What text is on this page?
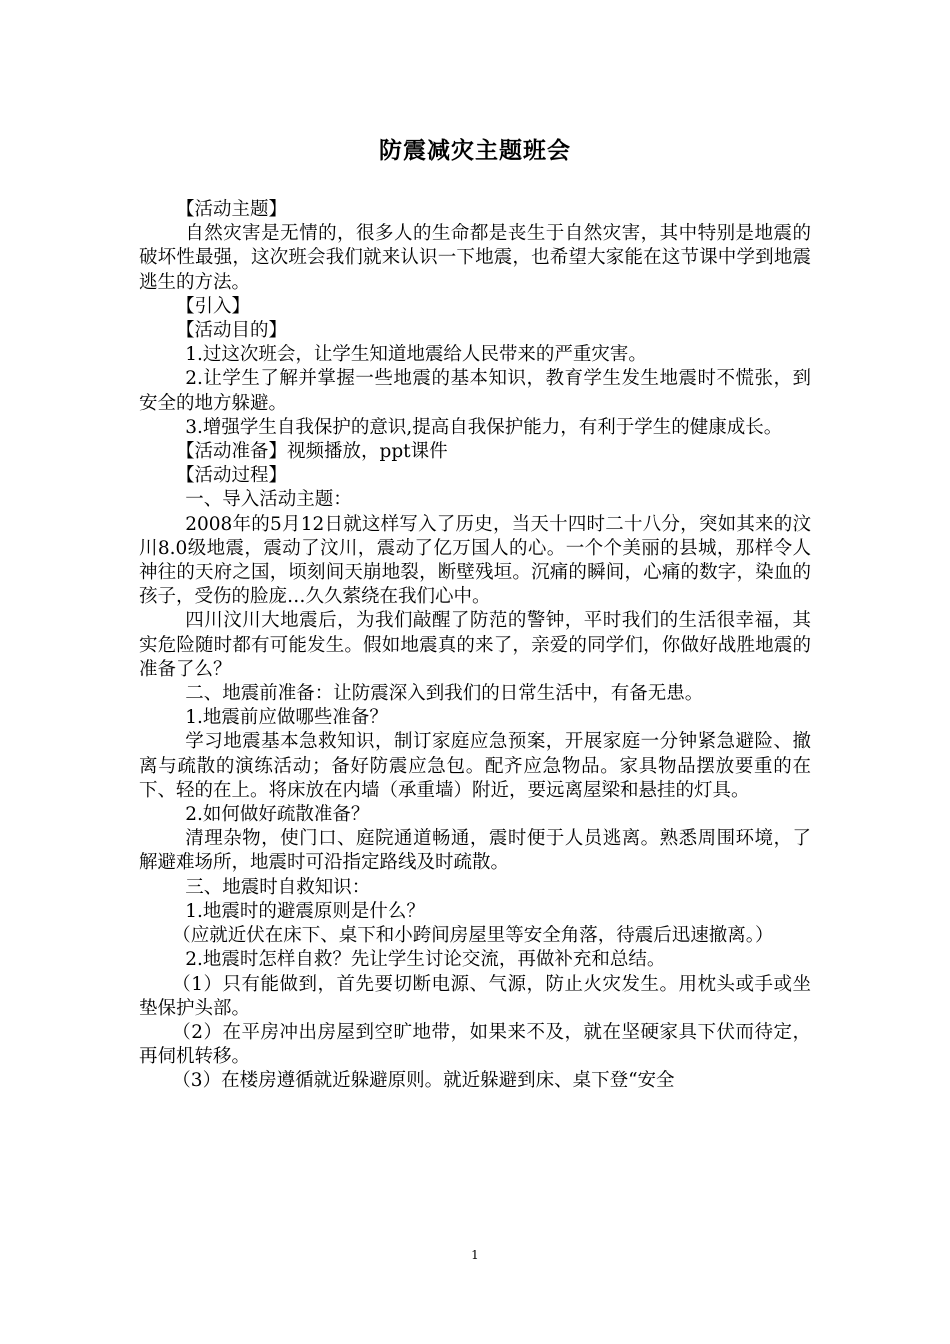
防震减灾主题班会

【活动主题】

自然灾害是无情的，很多人的生命都是丧生于自然灾害，其中特别是地震的破坏性最强，这次班会我们就来认识一下地震，也希望大家能在这节课中学到地震逃生的方法。

【引入】

【活动目的】

1.过这次班会，让学生知道地震给人民带来的严重灾害。

2.让学生了解并掌握一些地震的基本知识，教育学生发生地震时不慌张，到安全的地方躲避。

3.增强学生自我保护的意识,提高自我保护能力，有利于学生的健康成长。

【活动准备】视频播放，ppt课件

【活动过程】

一、导入活动主题：

2008年的5月12日就这样写入了历史，当天十四时二十八分，突如其来的汶川8.0级地震，震动了汶川，震动了亿万国人的心。一个个美丽的县城，那样令人神往的天府之国，顷刻间天崩地裂，断壁残垣。沉痛的瞬间，心痛的数字，染血的孩子，受伤的脸庞…久久萦绕在我们心中。

四川汶川大地震后，为我们敲醒了防范的警钟，平时我们的生活很幸福，其实危险随时都有可能发生。假如地震真的来了，亲爱的同学们，你做好战胜地震的准备了么？

二、地震前准备：让防震深入到我们的日常生活中，有备无患。

1.地震前应做哪些准备？

学习地震基本急救知识，制订家庭应急预案，开展家庭一分钟紧急避险、撤离与疏散的演练活动；备好防震应急包。配齐应急物品。家具物品摆放要重的在下、轻的在上。将床放在内墙（承重墙）附近，要远离屋梁和悬挂的灯具。

2.如何做好疏散准备？

清理杂物，使门口、庭院通道畅通，震时便于人员逃离。熟悉周围环境，了解避难场所，地震时可沿指定路线及时疏散。

三、地震时自救知识：

1.地震时的避震原则是什么？

（应就近伏在床下、桌下和小跨间房屋里等安全角落，待震后迅速撤离。）

2.地震时怎样自救？先让学生讨论交流，再做补充和总结。

（1）只有能做到，首先要切断电源、气源，防止火灾发生。用枕头或手或坐垫保护头部。

（2）在平房冲出房屋到空旷地带，如果来不及，就在坚硬家具下伏而待定，再伺机转移。

（3）在楼房遵循就近躲避原则。就近躲避到床、桌下登“安全

1
